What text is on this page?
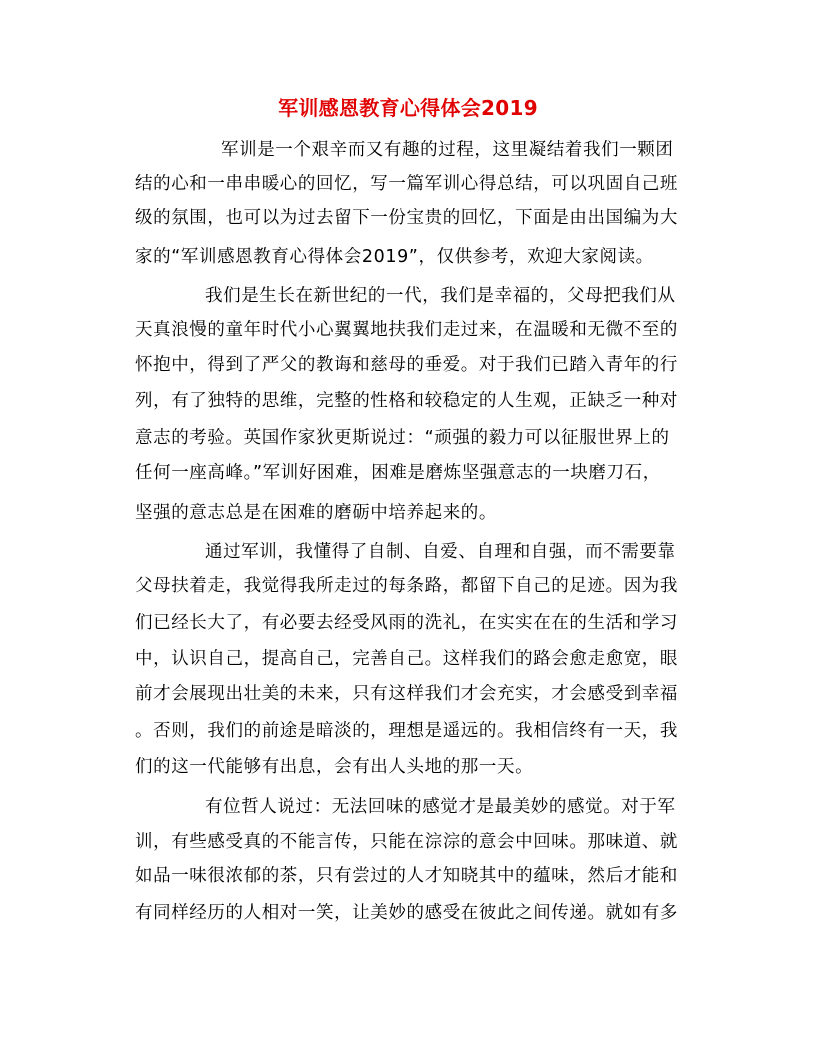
军训感恩教育心得体会2019
军训是一个艰辛而又有趣的过程，这里凝结着我们一颗团
结的心和一串串暖心的回忆，写一篇军训心得总结，可以巩固自己班
级的氛围，也可以为过去留下一份宝贵的回忆，下面是由出国编为大
家的“军训感恩教育心得体会2019”，仅供参考，欢迎大家阅读。
我们是生长在新世纪的一代，我们是幸福的，父母把我们从
天真浪慢的童年时代小心翼翼地扶我们走过来，在温暖和无微不至的
怀抱中，得到了严父的教诲和慈母的垂爱。对于我们已踏入青年的行
列，有了独特的思维，完整的性格和较稳定的人生观，正缺乏一种对
意志的考验。英国作家狄更斯说过：“顽强的毅力可以征服世界上的
任何一座高峰。”军训好困难，困难是磨炼坚强意志的一块磨刀石，
坚强的意志总是在困难的磨砺中培养起来的。
通过军训，我懂得了自制、自爱、自理和自强，而不需要靠
父母扶着走，我觉得我所走过的每条路，都留下自己的足迹。因为我
们已经长大了，有必要去经受风雨的洗礼，在实实在在的生活和学习
中，认识自己，提高自己，完善自己。这样我们的路会愈走愈宽，眼
前才会展现出壮美的未来，只有这样我们才会充实，才会感受到幸福
。否则，我们的前途是暗淡的，理想是遥远的。我相信终有一天，我
们的这一代能够有出息，会有出人头地的那一天。
有位哲人说过：无法回味的感觉才是最美妙的感觉。对于军
训，有些感受真的不能言传，只能在淙淙的意会中回味。那味道、就
如品一味很浓郁的茶，只有尝过的人才知晓其中的蕴味，然后才能和
有同样经历的人相对一笑，让美妙的感受在彼此之间传递。就如有多
